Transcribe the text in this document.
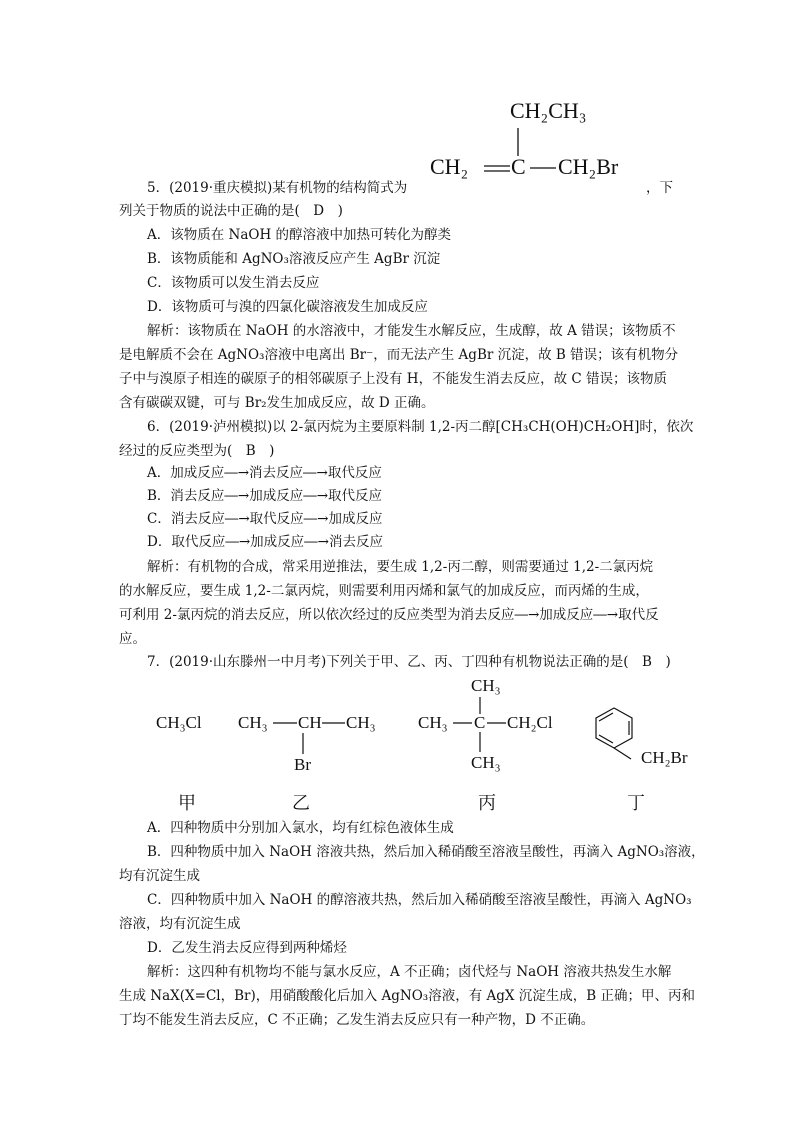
CH₂CH₃
CH₂ C CH₂Br
5．(2019·重庆模拟)某有机物的结构简式为	，下
列关于物质的说法中正确的是(　D　)
A．该物质在 NaOH 的醇溶液中加热可转化为醇类
B．该物质能和 AgNO₃溶液反应产生 AgBr 沉淀
C．该物质可以发生消去反应
D．该物质可与溴的四氯化碳溶液发生加成反应
解析：该物质在 NaOH 的水溶液中，才能发生水解反应，生成醇，故 A 错误；该物质不
是电解质不会在 AgNO₃溶液中电离出 Br⁻，而无法产生 AgBr 沉淀，故 B 错误；该有机物分
子中与溴原子相连的碳原子的相邻碳原子上没有 H，不能发生消去反应，故 C 错误；该物质
含有碳碳双键，可与 Br₂发生加成反应，故 D 正确。
6．(2019·泸州模拟)以 2-氯丙烷为主要原料制 1,2-丙二醇[CH₃CH(OH)CH₂OH]时，依次
经过的反应类型为(　B　)
A．加成反应―→消去反应―→取代反应
B．消去反应―→加成反应―→取代反应
C．消去反应―→取代反应―→加成反应
D．取代反应―→加成反应―→消去反应
解析：有机物的合成，常采用逆推法，要生成 1,2-丙二醇，则需要通过 1,2-二氯丙烷
的水解反应，要生成 1,2-二氯丙烷，则需要利用丙烯和氯气的加成反应，而丙烯的生成，
可利用 2-氯丙烷的消去反应，所以依次经过的反应类型为消去反应―→加成反应―→取代反
应。
7．(2019·山东滕州一中月考)下列关于甲、乙、丙、丁四种有机物说法正确的是(　B　)
CH₃Cl CH₃ CH CH₃
Br
CH₃
CH₃ C CH₂Cl
CH₃	CH₂Br
甲	乙	丙	丁
A．四种物质中分别加入氯水，均有红棕色液体生成
B．四种物质中加入 NaOH 溶液共热，然后加入稀硝酸至溶液呈酸性，再滴入 AgNO₃溶液，
均有沉淀生成
C．四种物质中加入 NaOH 的醇溶液共热，然后加入稀硝酸至溶液呈酸性，再滴入 AgNO₃
溶液，均有沉淀生成
D．乙发生消去反应得到两种烯烃
解析：这四种有机物均不能与氯水反应，A 不正确；卤代烃与 NaOH 溶液共热发生水解
生成 NaX(X=Cl，Br)，用硝酸酸化后加入 AgNO₃溶液，有 AgX 沉淀生成，B 正确；甲、丙和
丁均不能发生消去反应，C 不正确；乙发生消去反应只有一种产物，D 不正确。
